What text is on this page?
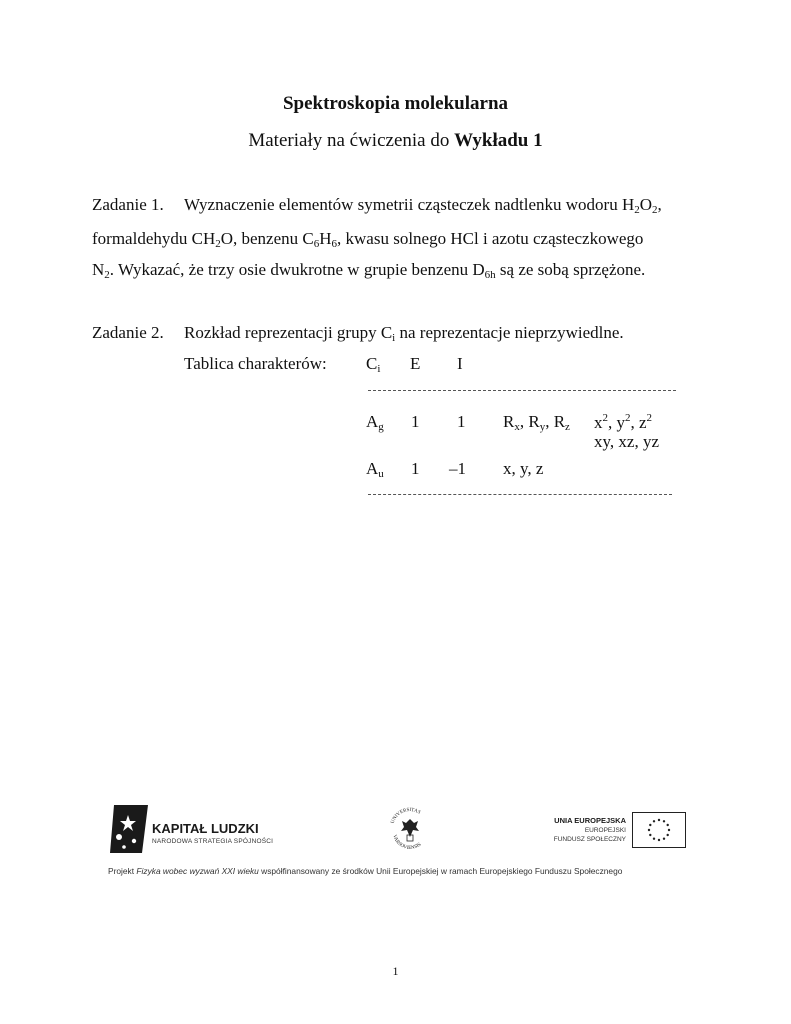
Spektroskopia molekularna
Materiały na ćwiczenia do Wykładu 1
Zadanie 1. Wyznaczenie elementów symetrii cząsteczek nadtlenku wodoru $H_2O_2$,
formaldehydu $CH_2O$, benzenu $C_6H_6$, kwasu solnego HCl i azotu cząsteczkowego
$N_2$. Wykazać, że trzy osie dwukrotne w grupie benzenu $D_{6h}$ są ze sobą sprzężone.
Zadanie 2. Rozkład reprezentacji grupy $C_i$ na reprezentacje nieprzywiedlne.
Tablica charakterów: $C_i$ E I
$A_g$ 1 1 $R_x$, $R_y$, $R_z$ $x^2$, $y^2$, $z^2$
xy, xz, yz
$A_u$ 1 –1 x, y, z
KAPITAŁ LUDZKI
NARODOWA STRATEGIA SPÓJNOŚCI
UNIVERSITAS
VARSOVIENSIS
UNIA EUROPEJSKA
EUROPEJSKI
FUNDUSZ SPOŁECZNY
Projekt Fizyka wobec wyzwań XXI wieku współfinansowany ze środków Unii Europejskiej w ramach Europejskiego Funduszu Społecznego
1
